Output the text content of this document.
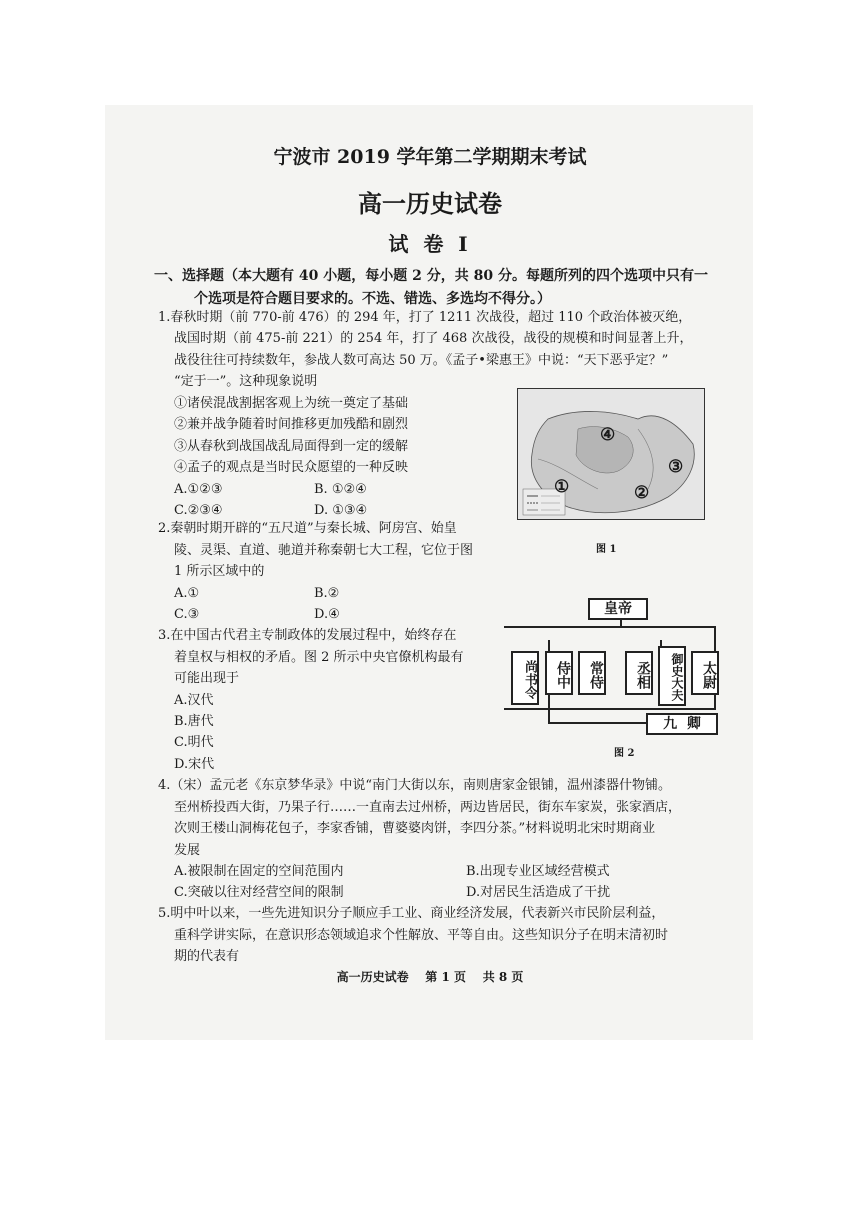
宁波市 2019 学年第二学期期末考试
高一历史试卷
试 卷 Ⅰ
一、选择题（本大题有 40 小题，每小题 2 分，共 80 分。每题所列的四个选项中只有一
个选项是符合题目要求的。不选、错选、多选均不得分。）
1.春秋时期（前 770-前 476）的 294 年，打了 1211 次战役，超过 110 个政治体被灭绝，
战国时期（前 475-前 221）的 254 年，打了 468 次战役，战役的规模和时间显著上升，
战役往往可持续数年，参战人数可高达 50 万。《孟子•梁惠王》中说：“天下恶乎定？”
“定于一”。这种现象说明
①诸侯混战割据客观上为统一奠定了基础
②兼并战争随着时间推移更加残酷和剧烈
③从春秋到战国战乱局面得到一定的缓解
④孟子的观点是当时民众愿望的一种反映
A.①②③	B. ①②④
C.②③④	D. ①③④
④
③
①	②
图 1
2.秦朝时期开辟的“五尺道”与秦长城、阿房宫、始皇
陵、灵渠、直道、驰道并称秦朝七大工程，它位于图
1 所示区域中的
A.①	B.②
C.③	D.④
3.在中国古代君主专制政体的发展过程中，始终存在
着皇权与相权的矛盾。图 2 所示中央官僚机构最有
可能出现于
A.汉代
B.唐代
C.明代
D.宋代
皇帝
尚书令	侍中	常侍	丞相	御史大夫	太尉
九  卿
图 2
4.（宋）孟元老《东京梦华录》中说“南门大街以东，南则唐家金银铺，温州漆器什物铺。
至州桥投西大街，乃果子行……一直南去过州桥，两边皆居民，街东车家炭，张家酒店，
次则王楼山洞梅花包子，李家香铺，曹婆婆肉饼，李四分茶。”材料说明北宋时期商业
发展
A.被限制在固定的空间范围内	B.出现专业区域经营模式
C.突破以往对经营空间的限制	D.对居民生活造成了干扰
5.明中叶以来，一些先进知识分子顺应手工业、商业经济发展，代表新兴市民阶层利益，
重科学讲实际，在意识形态领域追求个性解放、平等自由。这些知识分子在明末清初时
期的代表有
高一历史试卷    第 1 页    共 8 页
